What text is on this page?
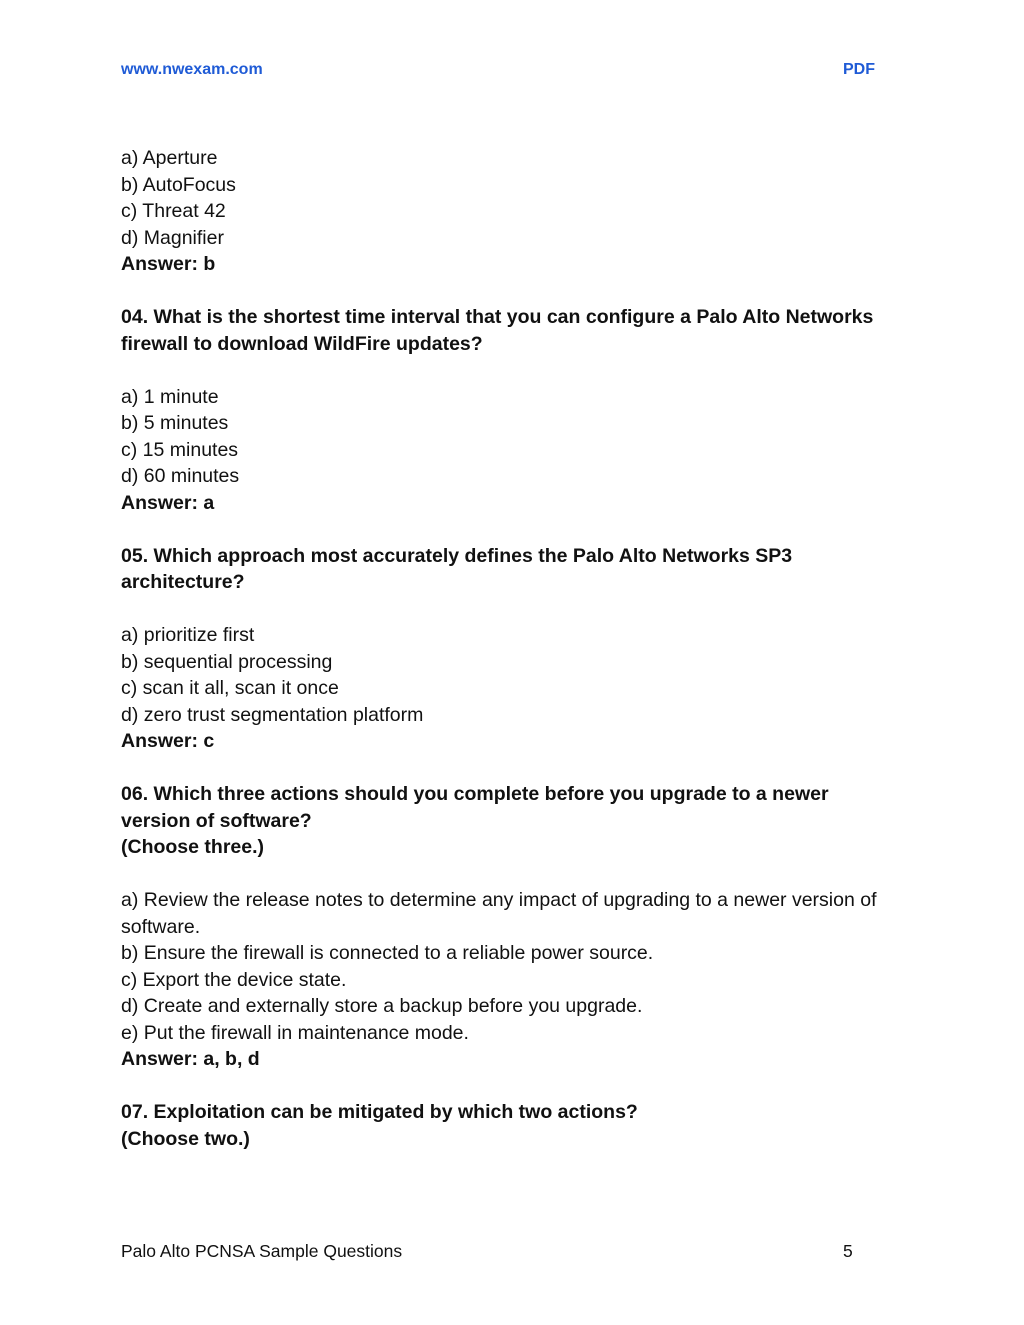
www.nwexam.com	PDF
a) Aperture
b) AutoFocus
c) Threat 42
d) Magnifier
Answer: b
04. What is the shortest time interval that you can configure a Palo Alto Networks firewall to download WildFire updates?
a) 1 minute
b) 5 minutes
c) 15 minutes
d) 60 minutes
Answer: a
05. Which approach most accurately defines the Palo Alto Networks SP3 architecture?
a) prioritize first
b) sequential processing
c) scan it all, scan it once
d) zero trust segmentation platform
Answer: c
06. Which three actions should you complete before you upgrade to a newer
version of software?
(Choose three.)
a) Review the release notes to determine any impact of upgrading to a newer version of software.
b) Ensure the firewall is connected to a reliable power source.
c) Export the device state.
d) Create and externally store a backup before you upgrade.
e) Put the firewall in maintenance mode.
Answer: a, b, d
07. Exploitation can be mitigated by which two actions?
(Choose two.)
Palo Alto PCNSA Sample Questions	5
